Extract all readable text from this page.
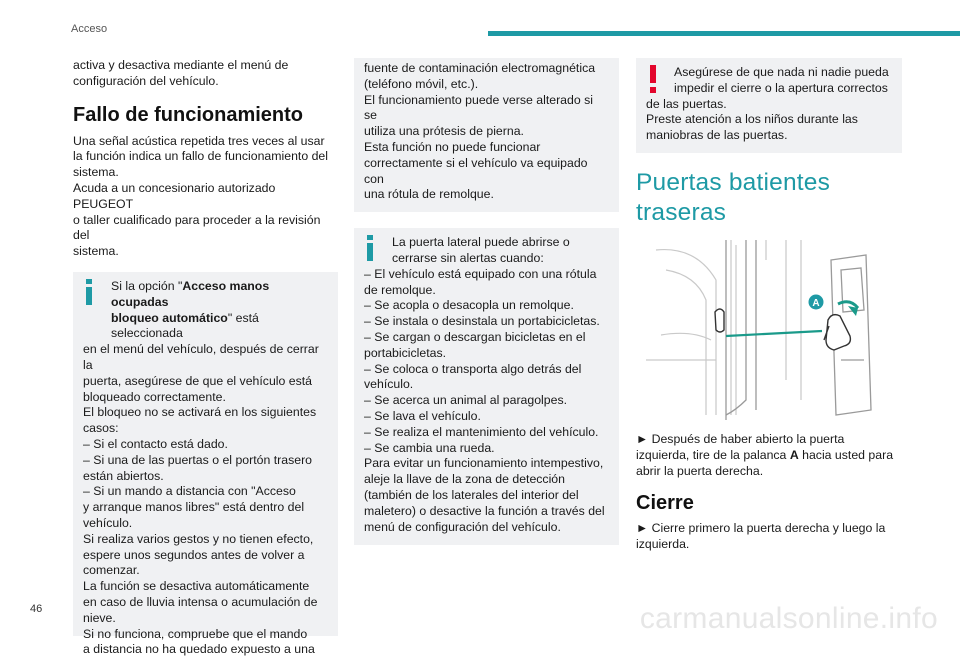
Acceso

activa y desactiva mediante el menú de
configuración del vehículo.

Fallo de funcionamiento

Una señal acústica repetida tres veces al usar
la función indica un fallo de funcionamiento del
sistema.
Acuda a un concesionario autorizado PEUGEOT
o taller cualificado para proceder a la revisión del
sistema.

Si la opción "Acceso manos ocupadas
bloqueo automático" está seleccionada
en el menú del vehículo, después de cerrar la
puerta, asegúrese de que el vehículo está
bloqueado correctamente.
El bloqueo no se activará en los siguientes
casos:
– Si el contacto está dado.
– Si una de las puertas o el portón trasero
están abiertos.
– Si un mando a distancia con "Acceso
y arranque manos libres" está dentro del
vehículo.
Si realiza varios gestos y no tienen efecto,
espere unos segundos antes de volver a
comenzar.
La función se desactiva automáticamente
en caso de lluvia intensa o acumulación de
nieve.
Si no funciona, compruebe que el mando
a distancia no ha quedado expuesto a una
fuente de contaminación electromagnética
(teléfono móvil, etc.).
El funcionamiento puede verse alterado si se
utiliza una prótesis de pierna.
Esta función no puede funcionar
correctamente si el vehículo va equipado con
una rótula de remolque.
La puerta lateral puede abrirse o
cerrarse sin alertas cuando:
– El vehículo está equipado con una rótula
de remolque.
– Se acopla o desacopla un remolque.
– Se instala o desinstala un portabicicletas.
– Se cargan o descargan bicicletas en el
portabicicletas.
– Se coloca o transporta algo detrás del
vehículo.
– Se acerca un animal al paragolpes.
– Se lava el vehículo.
– Se realiza el mantenimiento del vehículo.
– Se cambia una rueda.
Para evitar un funcionamiento intempestivo,
aleje la llave de la zona de detección
(también de los laterales del interior del
maletero) o desactive la función a través del
menú de configuración del vehículo.
Asegúrese de que nada ni nadie pueda
impedir el cierre o la apertura correctos
de las puertas.
Preste atención a los niños durante las
maniobras de las puertas.
Puertas batientes traseras
A

► Después de haber abierto la puerta
izquierda, tire de la palanca A hacia usted para
abrir la puerta derecha.

Cierre

► Cierre primero la puerta derecha y luego la
izquierda.

46	carmanualsonline.info
